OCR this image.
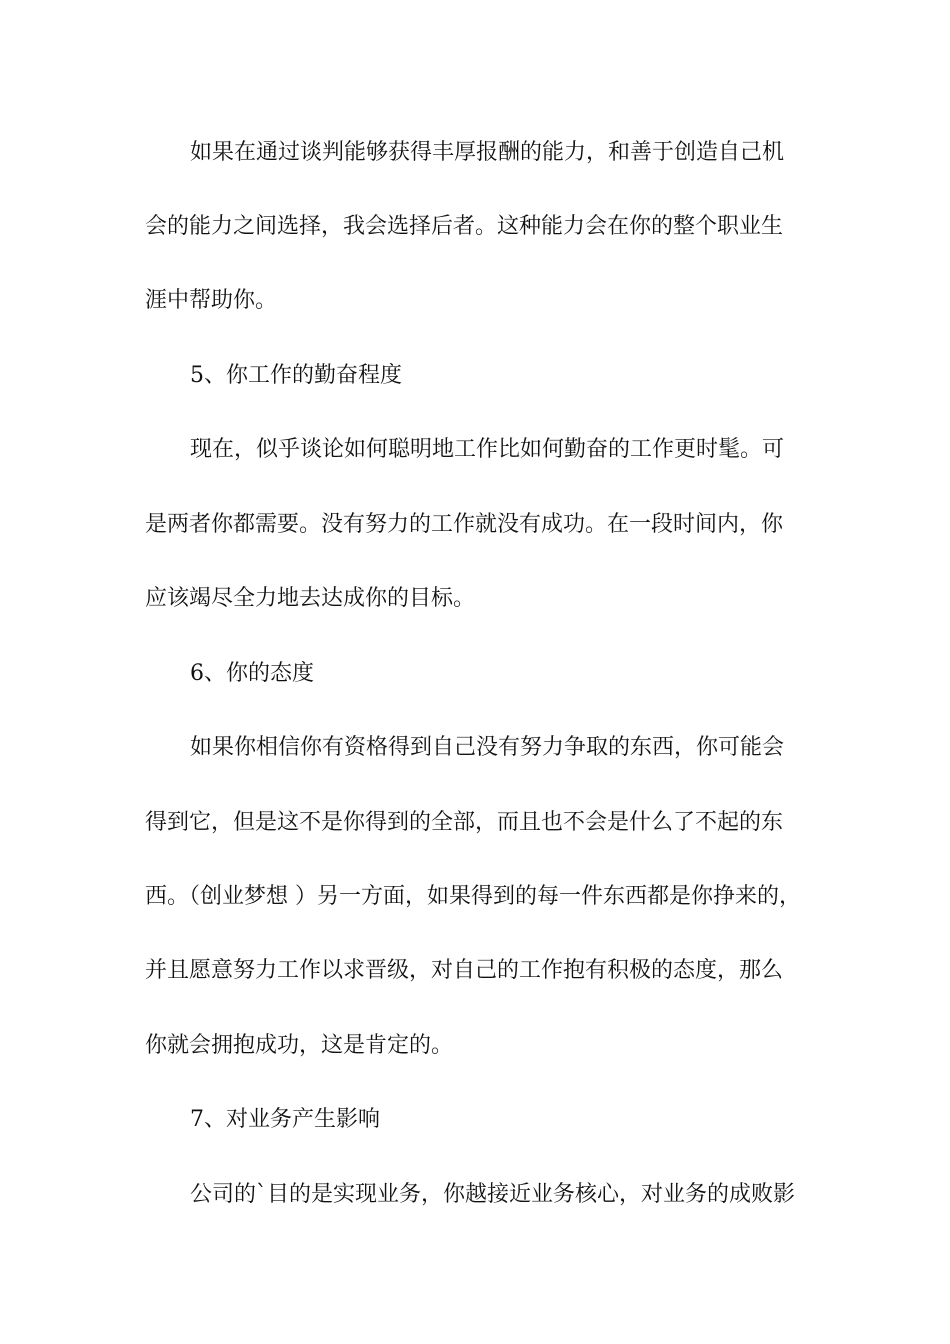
如果在通过谈判能够获得丰厚报酬的能力，和善于创造自己机

会的能力之间选择，我会选择后者。这种能力会在你的整个职业生

涯中帮助你。

5、你工作的勤奋程度

现在，似乎谈论如何聪明地工作比如何勤奋的工作更时髦。可

是两者你都需要。没有努力的工作就没有成功。在一段时间内，你

应该竭尽全力地去达成你的目标。

6、你的态度

如果你相信你有资格得到自己没有努力争取的东西，你可能会

得到它，但是这不是你得到的全部，而且也不会是什么了不起的东

西。（创业梦想 ）另一方面，如果得到的每一件东西都是你挣来的，

并且愿意努力工作以求晋级，对自己的工作抱有积极的态度，那么

你就会拥抱成功，这是肯定的。

7、对业务产生影响

公司的`目的是实现业务，你越接近业务核心，对业务的成败影
